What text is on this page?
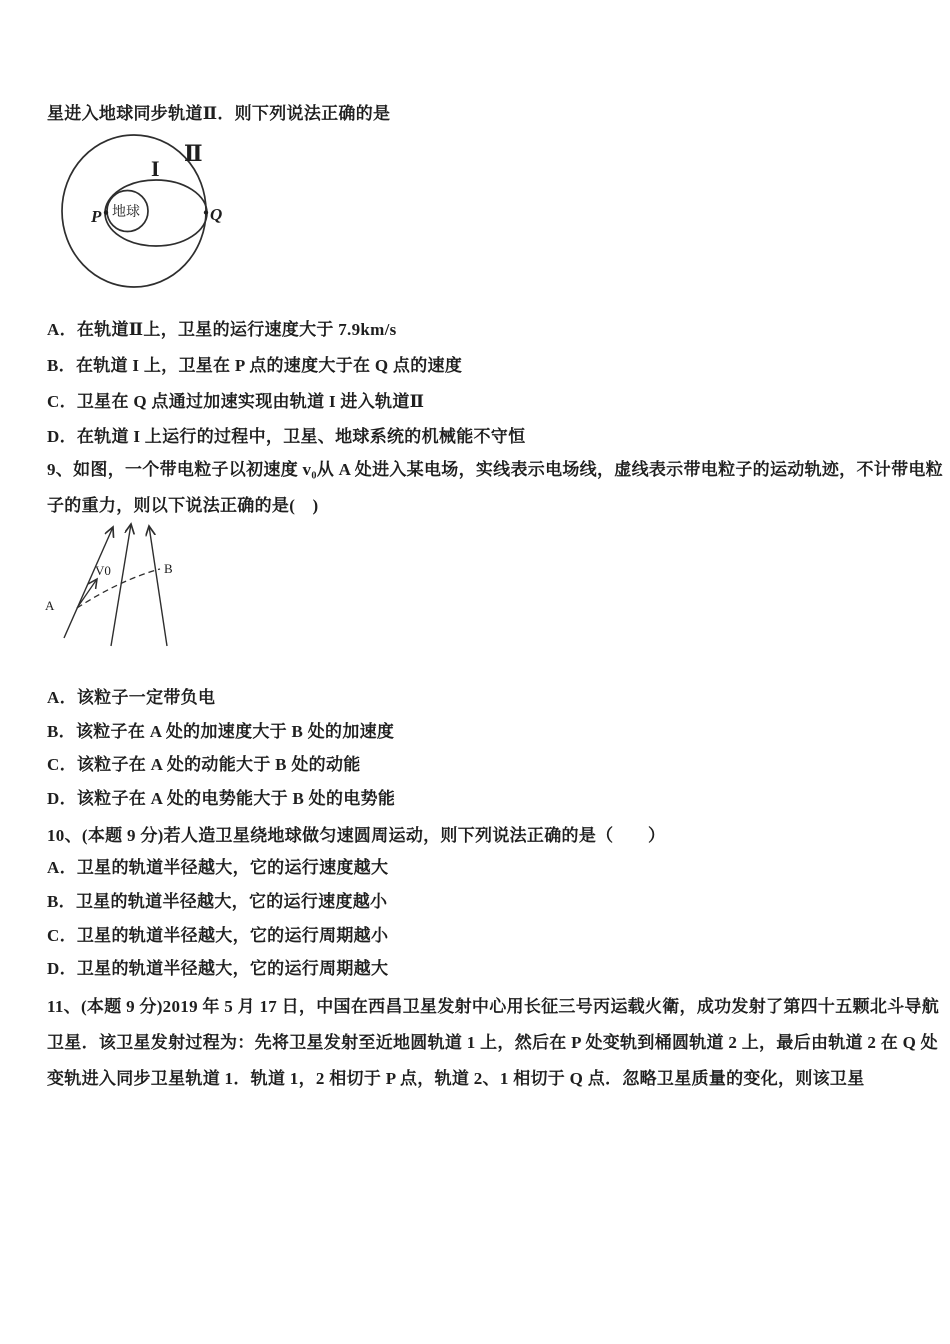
星进入地球同步轨道Ⅱ．则下列说法正确的是
地球
Ⅱ
I
P	Q
A．在轨道Ⅱ上，卫星的运行速度大于 7.9km/s
B．在轨道 I 上，卫星在 P 点的速度大于在 Q 点的速度
C．卫星在 Q 点通过加速实现由轨道 I 进入轨道Ⅱ
D．在轨道 I 上运行的过程中，卫星、地球系统的机械能不守恒
9、如图，一个带电粒子以初速度 v₀从 A 处进入某电场，实线表示电场线，虚线表示带电粒子的运动轨迹，不计带电粒
子的重力，则以下说法正确的是(　)
V0
A
B
A．该粒子一定带负电
B．该粒子在 A 处的加速度大于 B 处的加速度
C．该粒子在 A 处的动能大于 B 处的动能
D．该粒子在 A 处的电势能大于 B 处的电势能
10、(本题 9 分)若人造卫星绕地球做匀速圆周运动，则下列说法正确的是（　　）
A．卫星的轨道半径越大，它的运行速度越大
B．卫星的轨道半径越大，它的运行速度越小
C．卫星的轨道半径越大，它的运行周期越小
D．卫星的轨道半径越大，它的运行周期越大
11、(本题 9 分)2019 年 5 月 17 日，中国在西昌卫星发射中心用长征三号丙运载火衛，成功发射了第四十五颗北斗导航
卫星．该卫星发射过程为：先将卫星发射至近地圆轨道 1 上，然后在 P 处变轨到桶圆轨道 2 上，最后由轨道 2 在 Q 处
变轨进入同步卫星轨道 1．轨道 1，2 相切于 P 点，轨道 2、1 相切于 Q 点．忽略卫星质量的变化，则该卫星
